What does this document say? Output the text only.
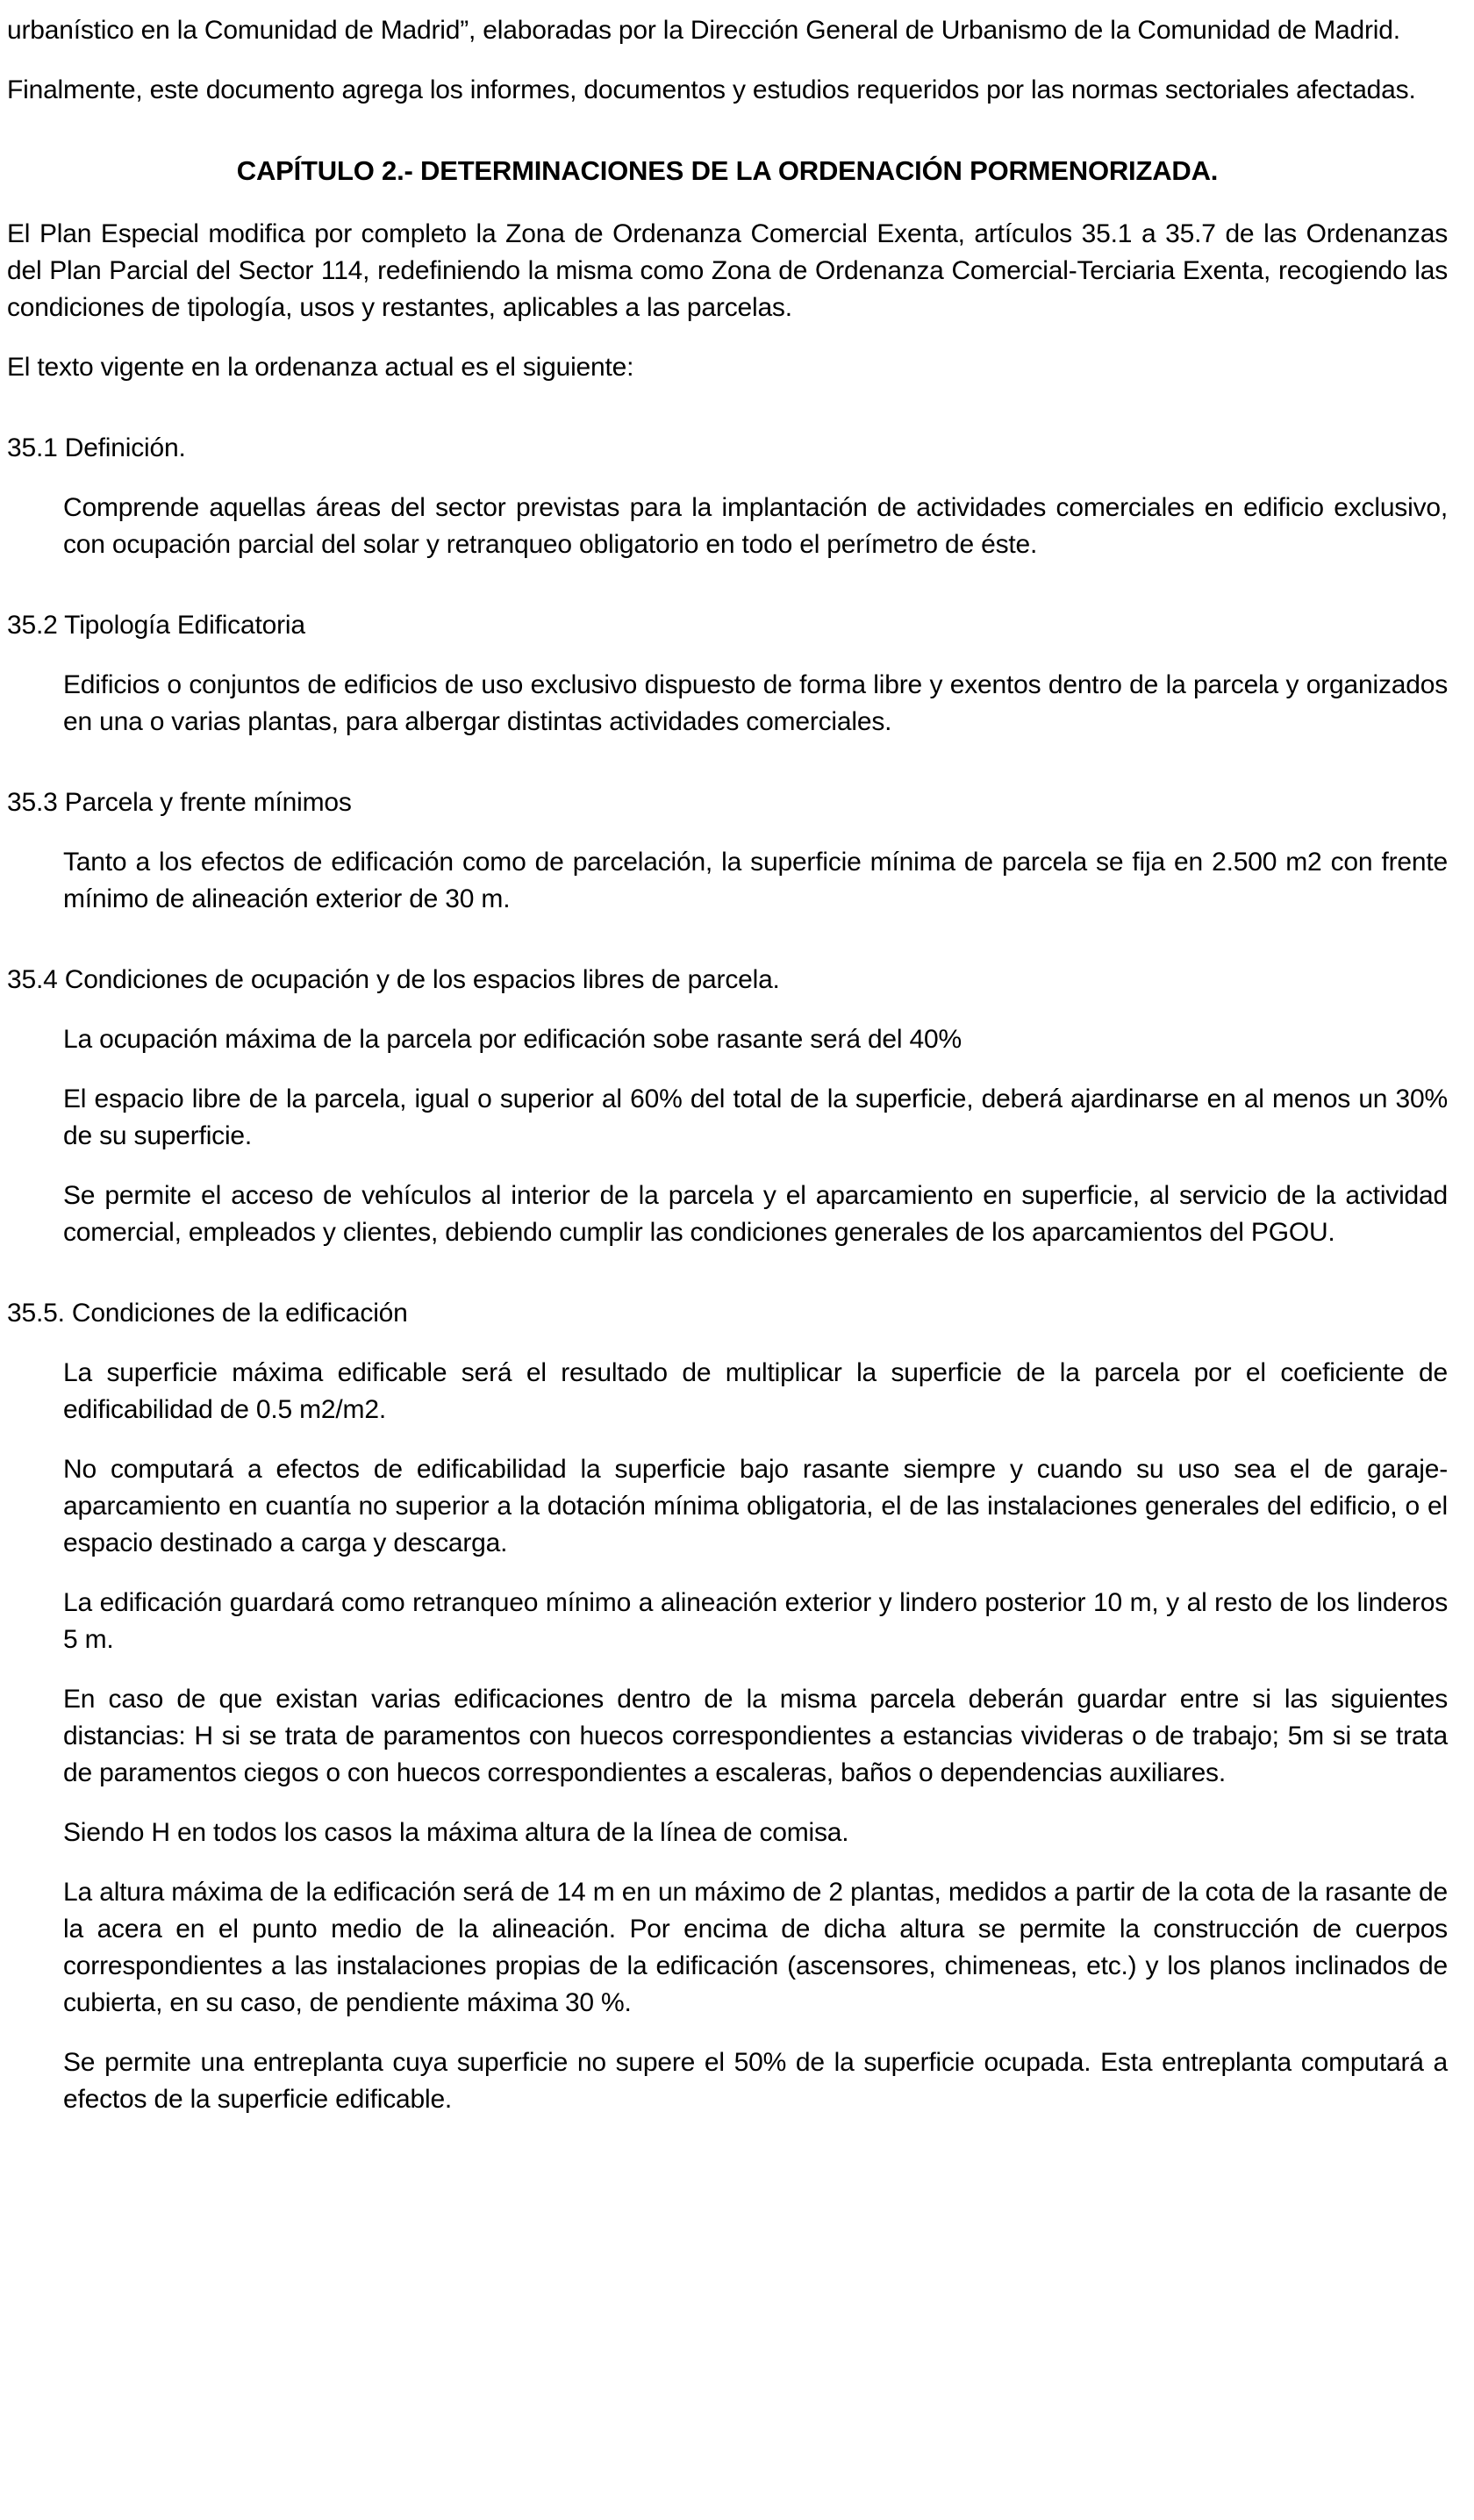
urbanístico en la Comunidad de Madrid”, elaboradas por la Dirección General de Urbanismo de la Comunidad de Madrid.

Finalmente, este documento agrega los informes, documentos y estudios requeridos por las normas sectoriales afectadas.

CAPÍTULO 2.- DETERMINACIONES DE LA ORDENACIÓN PORMENORIZADA.

El Plan Especial modifica por completo la Zona de Ordenanza Comercial Exenta, artículos 35.1 a 35.7 de las Ordenanzas del Plan Parcial del Sector 114, redefiniendo la misma como Zona de Ordenanza Comercial-Terciaria Exenta, recogiendo las condiciones de tipología, usos y restantes, aplicables a las parcelas.

El texto vigente en la ordenanza actual es el siguiente:

35.1 Definición.

Comprende aquellas áreas del sector previstas para la implantación de actividades comerciales en edificio exclusivo, con ocupación parcial del solar y retranqueo obligatorio en todo el perímetro de éste.

35.2 Tipología Edificatoria

Edificios o conjuntos de edificios de uso exclusivo dispuesto de forma libre y exentos dentro de la parcela y organizados en una o varias plantas, para albergar distintas actividades comerciales.

35.3 Parcela y frente mínimos

Tanto a los efectos de edificación como de parcelación, la superficie mínima de parcela se fija en 2.500 m2 con frente mínimo de alineación exterior de 30 m.

35.4 Condiciones de ocupación y de los espacios libres de parcela.

La ocupación máxima de la parcela por edificación sobe rasante será del 40%

El espacio libre de la parcela, igual o superior al 60% del total de la superficie, deberá ajardinarse en al menos un 30% de su superficie.

Se permite el acceso de vehículos al interior de la parcela y el aparcamiento en superficie, al servicio de la actividad comercial, empleados y clientes, debiendo cumplir las condiciones generales de los aparcamientos del PGOU.

35.5. Condiciones de la edificación

La superficie máxima edificable será el resultado de multiplicar la superficie de la parcela por el coeficiente de edificabilidad de 0.5 m2/m2.

No computará a efectos de edificabilidad la superficie bajo rasante siempre y cuando su uso sea el de garaje-aparcamiento en cuantía no superior a la dotación mínima obligatoria, el de las instalaciones generales del edificio, o el espacio destinado a carga y descarga.

La edificación guardará como retranqueo mínimo a alineación exterior y lindero posterior 10 m, y al resto de los linderos 5 m.

En caso de que existan varias edificaciones dentro de la misma parcela deberán guardar entre si las siguientes distancias: H si se trata de paramentos con huecos correspondientes a estancias vivideras o de trabajo; 5m si se trata de paramentos ciegos o con huecos correspondientes a escaleras, baños o dependencias auxiliares.

Siendo H en todos los casos la máxima altura de la línea de comisa.

La altura máxima de la edificación será de 14 m en un máximo de 2 plantas, medidos a partir de la cota de la rasante de la acera en el punto medio de la alineación. Por encima de dicha altura se permite la construcción de cuerpos correspondientes a las instalaciones propias de la edificación (ascensores, chimeneas, etc.) y los planos inclinados de cubierta, en su caso, de pendiente máxima 30 %.

Se permite una entreplanta cuya superficie no supere el 50% de la superficie ocupada. Esta entreplanta computará a efectos de la superficie edificable.
